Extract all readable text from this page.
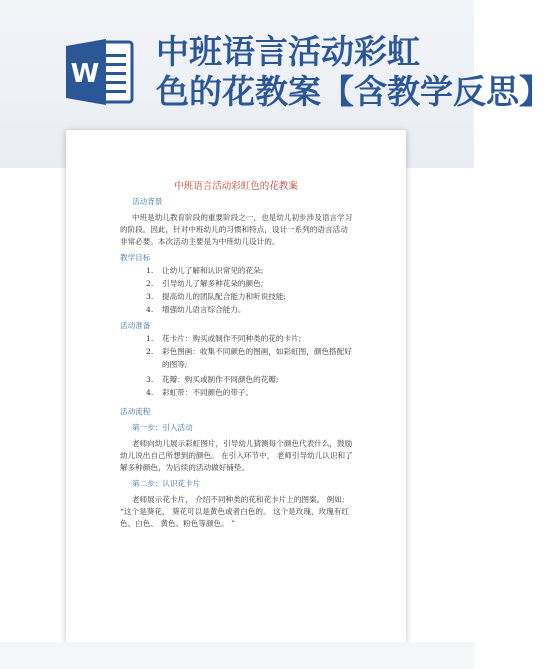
W
中班语言活动彩虹
色的花教案【含教学反思】
中班语言活动彩虹色的花教案
活动背景
中班是幼儿教育阶段的重要阶段之一，也是幼儿初步涉及语言学习
的阶段。因此，针对中班幼儿的习惯和特点，设计一系列的语言活动
非常必要。本次活动主要是为中班幼儿设计的。
教学目标
1. 让幼儿了解和认识常见的花朵;
2. 引导幼儿了解多种花朵的颜色;
3. 提高幼儿的团队配合能力和听说技能;
4. 增强幼儿语言综合能力。
活动准备
1. 花卡片：购买或制作不同种类的花的卡片;
2. 彩色图画：收集不同颜色的图画，如彩虹图，颜色搭配好
的图等;
3. 花瓣：购买或制作不同颜色的花瓣;
4. 彩虹带：不同颜色的带子。
活动流程
第一步：引入活动
老师向幼儿展示彩虹图片，引导幼儿猜测每个颜色代表什么，鼓励
幼儿说出自己所想到的颜色。 在引入环节中， 老师引导幼儿认识和了
解多种颜色，为后续的活动做好铺垫。
第二步：认识花卡片
老师展示花卡片， 介绍不同种类的花和花卡片上的图案。 例如:
“这个是葵花， 葵花可以是黄色或者白色的。 这个是玫瑰，玫瑰有红
色、白色、 黄色、粉色等颜色。 ”
